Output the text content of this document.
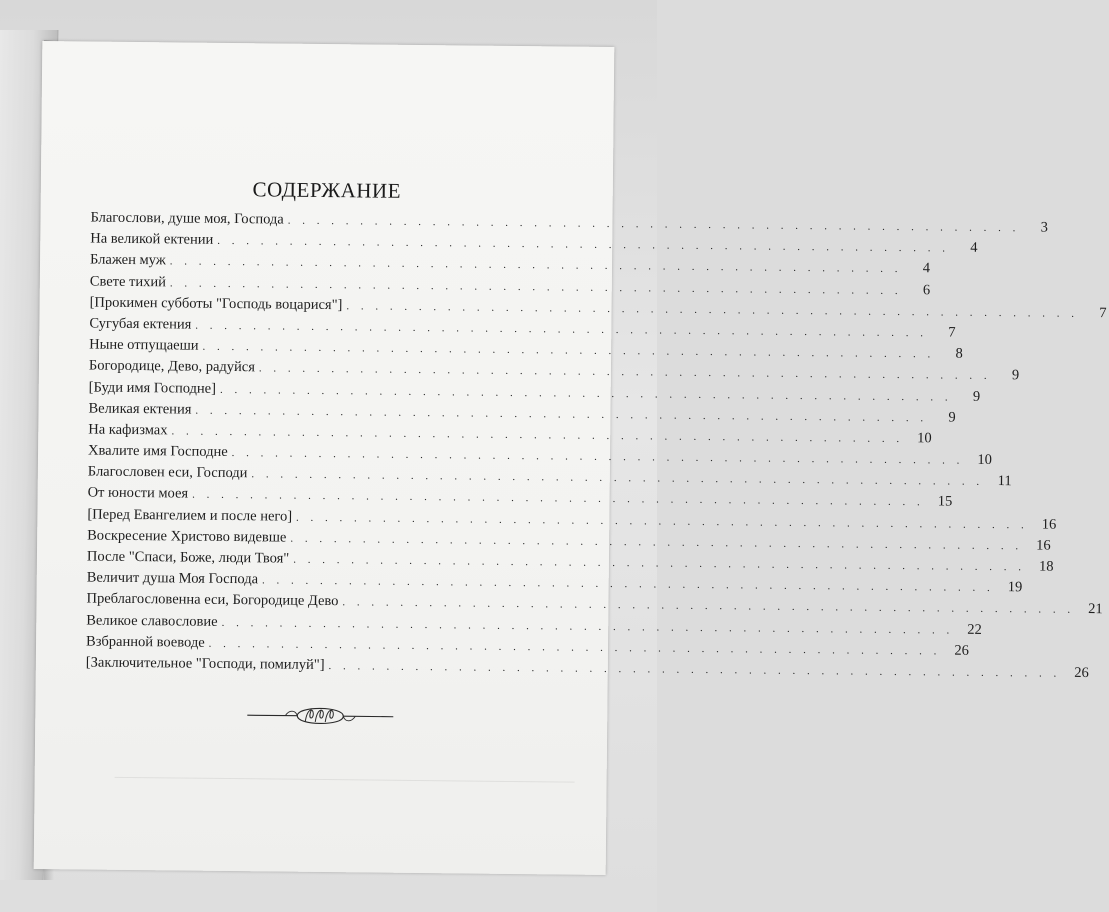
СОДЕРЖАНИЕ
Благослови, душе моя, Господа . . . . . . . . . . . . . . . . . . . . . . . . . . . . . . . . . . . . . . . . . . . . . . . . . . .	3
На великой ектении . . . . . . . . . . . . . . . . . . . . . . . . . . . . . . . . . . . . . . . . . . . . . . . . . . .	4
Блажен муж . . . . . . . . . . . . . . . . . . . . . . . . . . . . . . . . . . . . . . . . . . . . . . . . . . .	4
Свете тихий . . . . . . . . . . . . . . . . . . . . . . . . . . . . . . . . . . . . . . . . . . . . . . . . . . .	6
[Прокимен субботы "Господь воцарися"] . . . . . . . . . . . . . . . . . . . . . . . . . . . . . . . . . . . . . . . . . . . . . . . . . . .	7
Сугубая ектения . . . . . . . . . . . . . . . . . . . . . . . . . . . . . . . . . . . . . . . . . . . . . . . . . . .	7
Ныне отпущаеши . . . . . . . . . . . . . . . . . . . . . . . . . . . . . . . . . . . . . . . . . . . . . . . . . . .	8
Богородице, Дево, радуйся . . . . . . . . . . . . . . . . . . . . . . . . . . . . . . . . . . . . . . . . . . . . . . . . . . .	9
[Буди имя Господне] . . . . . . . . . . . . . . . . . . . . . . . . . . . . . . . . . . . . . . . . . . . . . . . . . . .	9
Великая ектения . . . . . . . . . . . . . . . . . . . . . . . . . . . . . . . . . . . . . . . . . . . . . . . . . . .	9
На кафизмах . . . . . . . . . . . . . . . . . . . . . . . . . . . . . . . . . . . . . . . . . . . . . . . . . . . 10
Хвалите имя Господне . . . . . . . . . . . . . . . . . . . . . . . . . . . . . . . . . . . . . . . . . . . . . . . . . . . 10
Благословен еси, Господи . . . . . . . . . . . . . . . . . . . . . . . . . . . . . . . . . . . . . . . . . . . . . . . . . . . 11
От юности моея . . . . . . . . . . . . . . . . . . . . . . . . . . . . . . . . . . . . . . . . . . . . . . . . . . . 15
[Перед Евангелием и после него] . . . . . . . . . . . . . . . . . . . . . . . . . . . . . . . . . . . . . . . . . . . . . . . . . . . 16
Воскресение Христово видевше . . . . . . . . . . . . . . . . . . . . . . . . . . . . . . . . . . . . . . . . . . . . . . . . . . . 16
После "Спаси, Боже, люди Твоя" . . . . . . . . . . . . . . . . . . . . . . . . . . . . . . . . . . . . . . . . . . . . . . . . . . . 18
Величит душа Моя Господа . . . . . . . . . . . . . . . . . . . . . . . . . . . . . . . . . . . . . . . . . . . . . . . . . . . 19
Преблагословенна еси, Богородице Дево . . . . . . . . . . . . . . . . . . . . . . . . . . . . . . . . . . . . . . . . . . . . . . . . . . . 21
Великое славословие . . . . . . . . . . . . . . . . . . . . . . . . . . . . . . . . . . . . . . . . . . . . . . . . . . . 22
Взбранной воеводе . . . . . . . . . . . . . . . . . . . . . . . . . . . . . . . . . . . . . . . . . . . . . . . . . . . 26
[Заключительное "Господи, помилуй"] . . . . . . . . . . . . . . . . . . . . . . . . . . . . . . . . . . . . . . . . . . . . . . . . . . . 26
